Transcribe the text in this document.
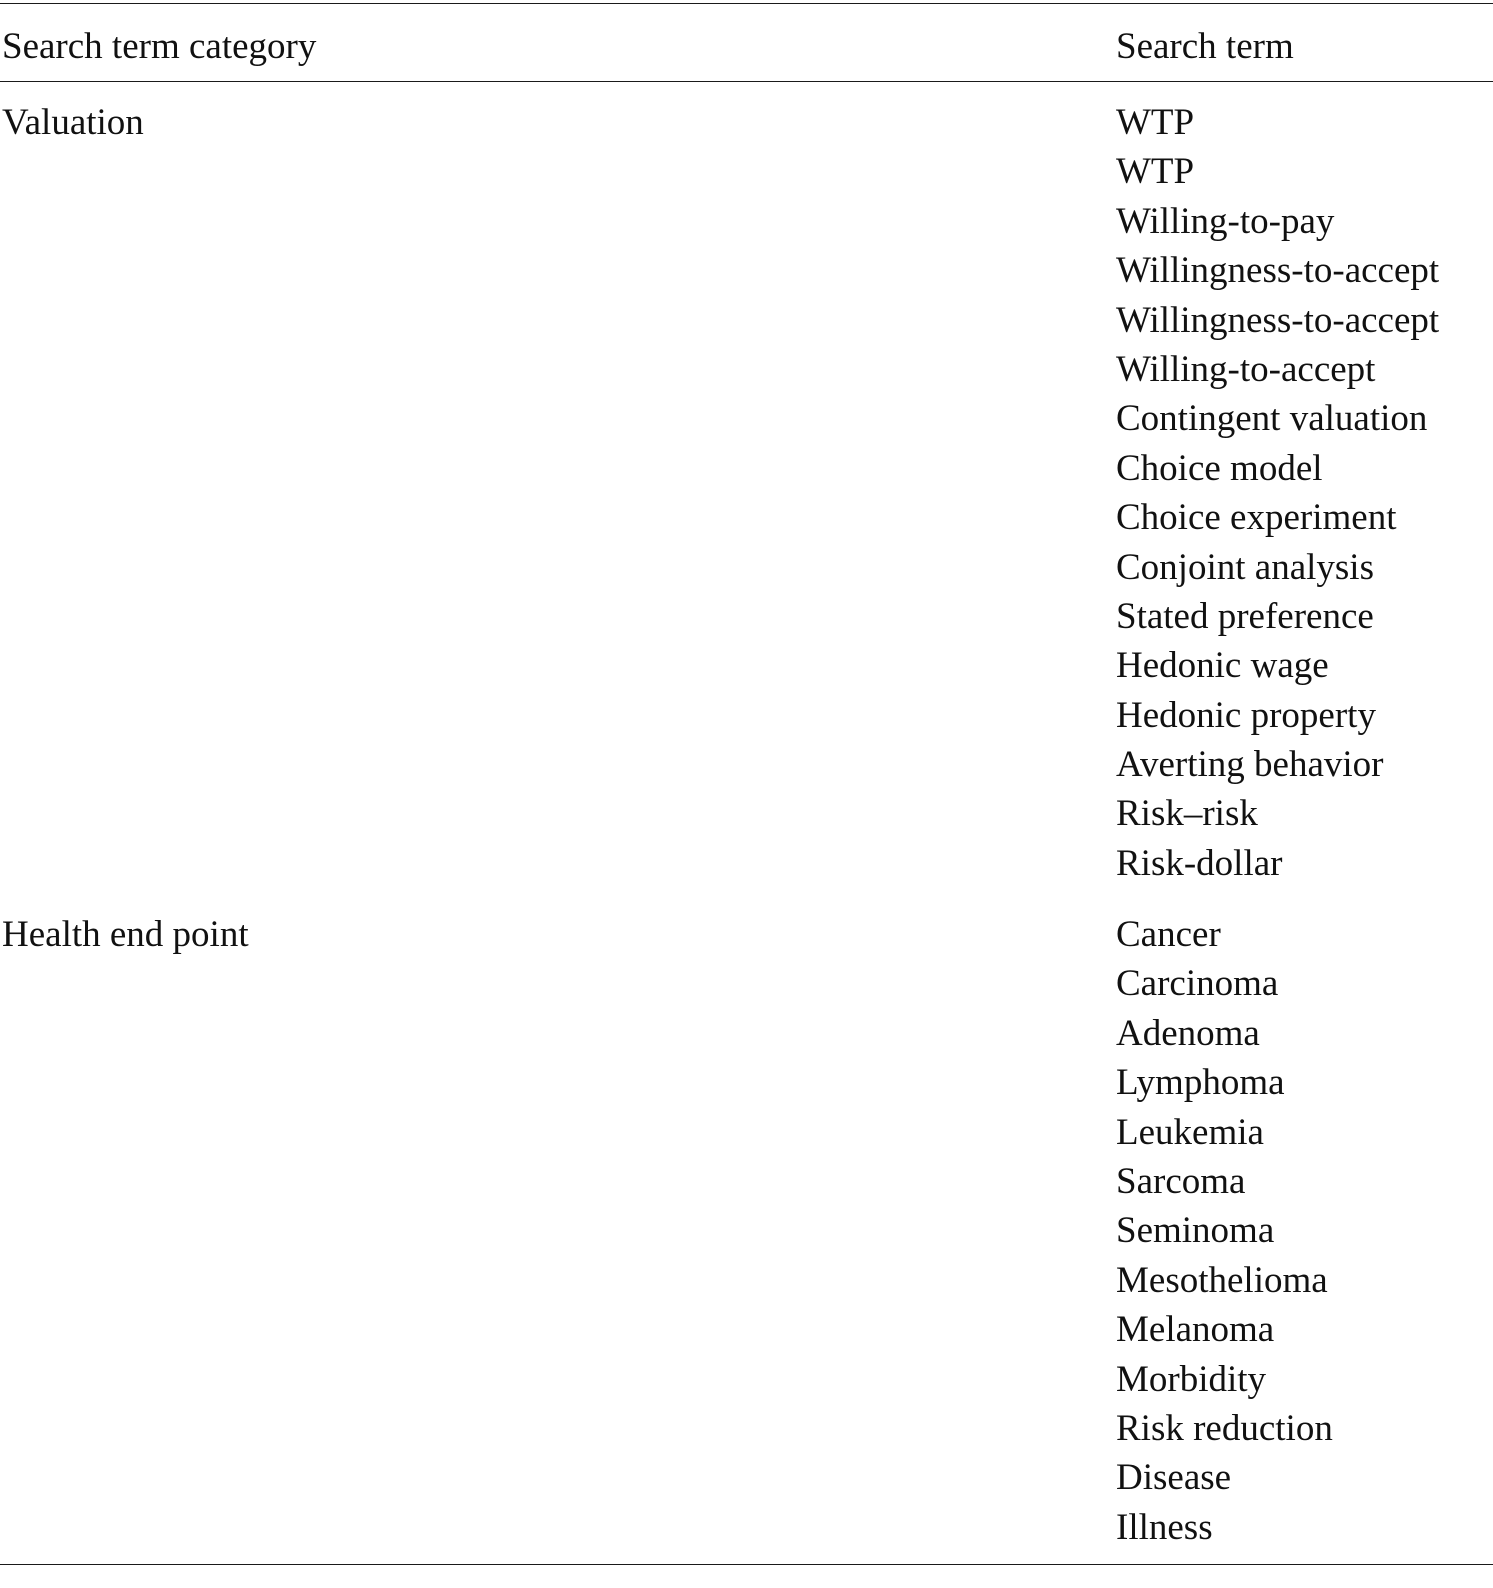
Search term category	Search term
Valuation	WTP
WTP
Willing-to-pay
Willingness-to-accept
Willingness-to-accept
Willing-to-accept
Contingent valuation
Choice model
Choice experiment
Conjoint analysis
Stated preference
Hedonic wage
Hedonic property
Averting behavior
Risk–risk
Risk-dollar
Health end point	Cancer
Carcinoma
Adenoma
Lymphoma
Leukemia
Sarcoma
Seminoma
Mesothelioma
Melanoma
Morbidity
Risk reduction
Disease
Illness
